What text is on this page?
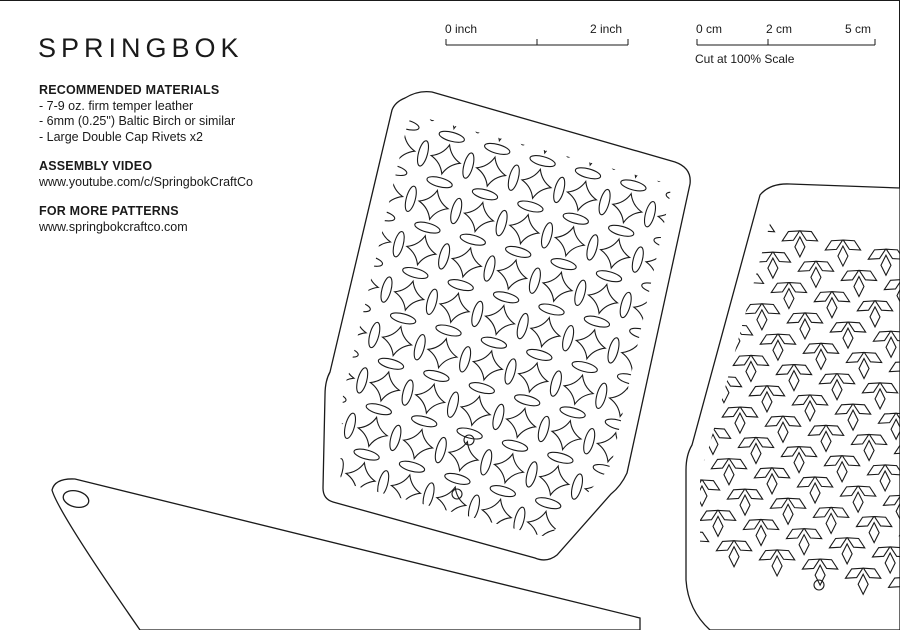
SPRINGBOK
RECOMMENDED MATERIALS
- 7-9 oz. firm temper leather
- 6mm (0.25") Baltic Birch or similar
- Large Double Cap Rivets x2
ASSEMBLY VIDEO
www.youtube.com/c/SpringbokCraftCo
FOR MORE PATTERNS
www.springbokcraftco.com
0 inch	2 inch	0 cm	2 cm	5 cm
Cut at 100% Scale
